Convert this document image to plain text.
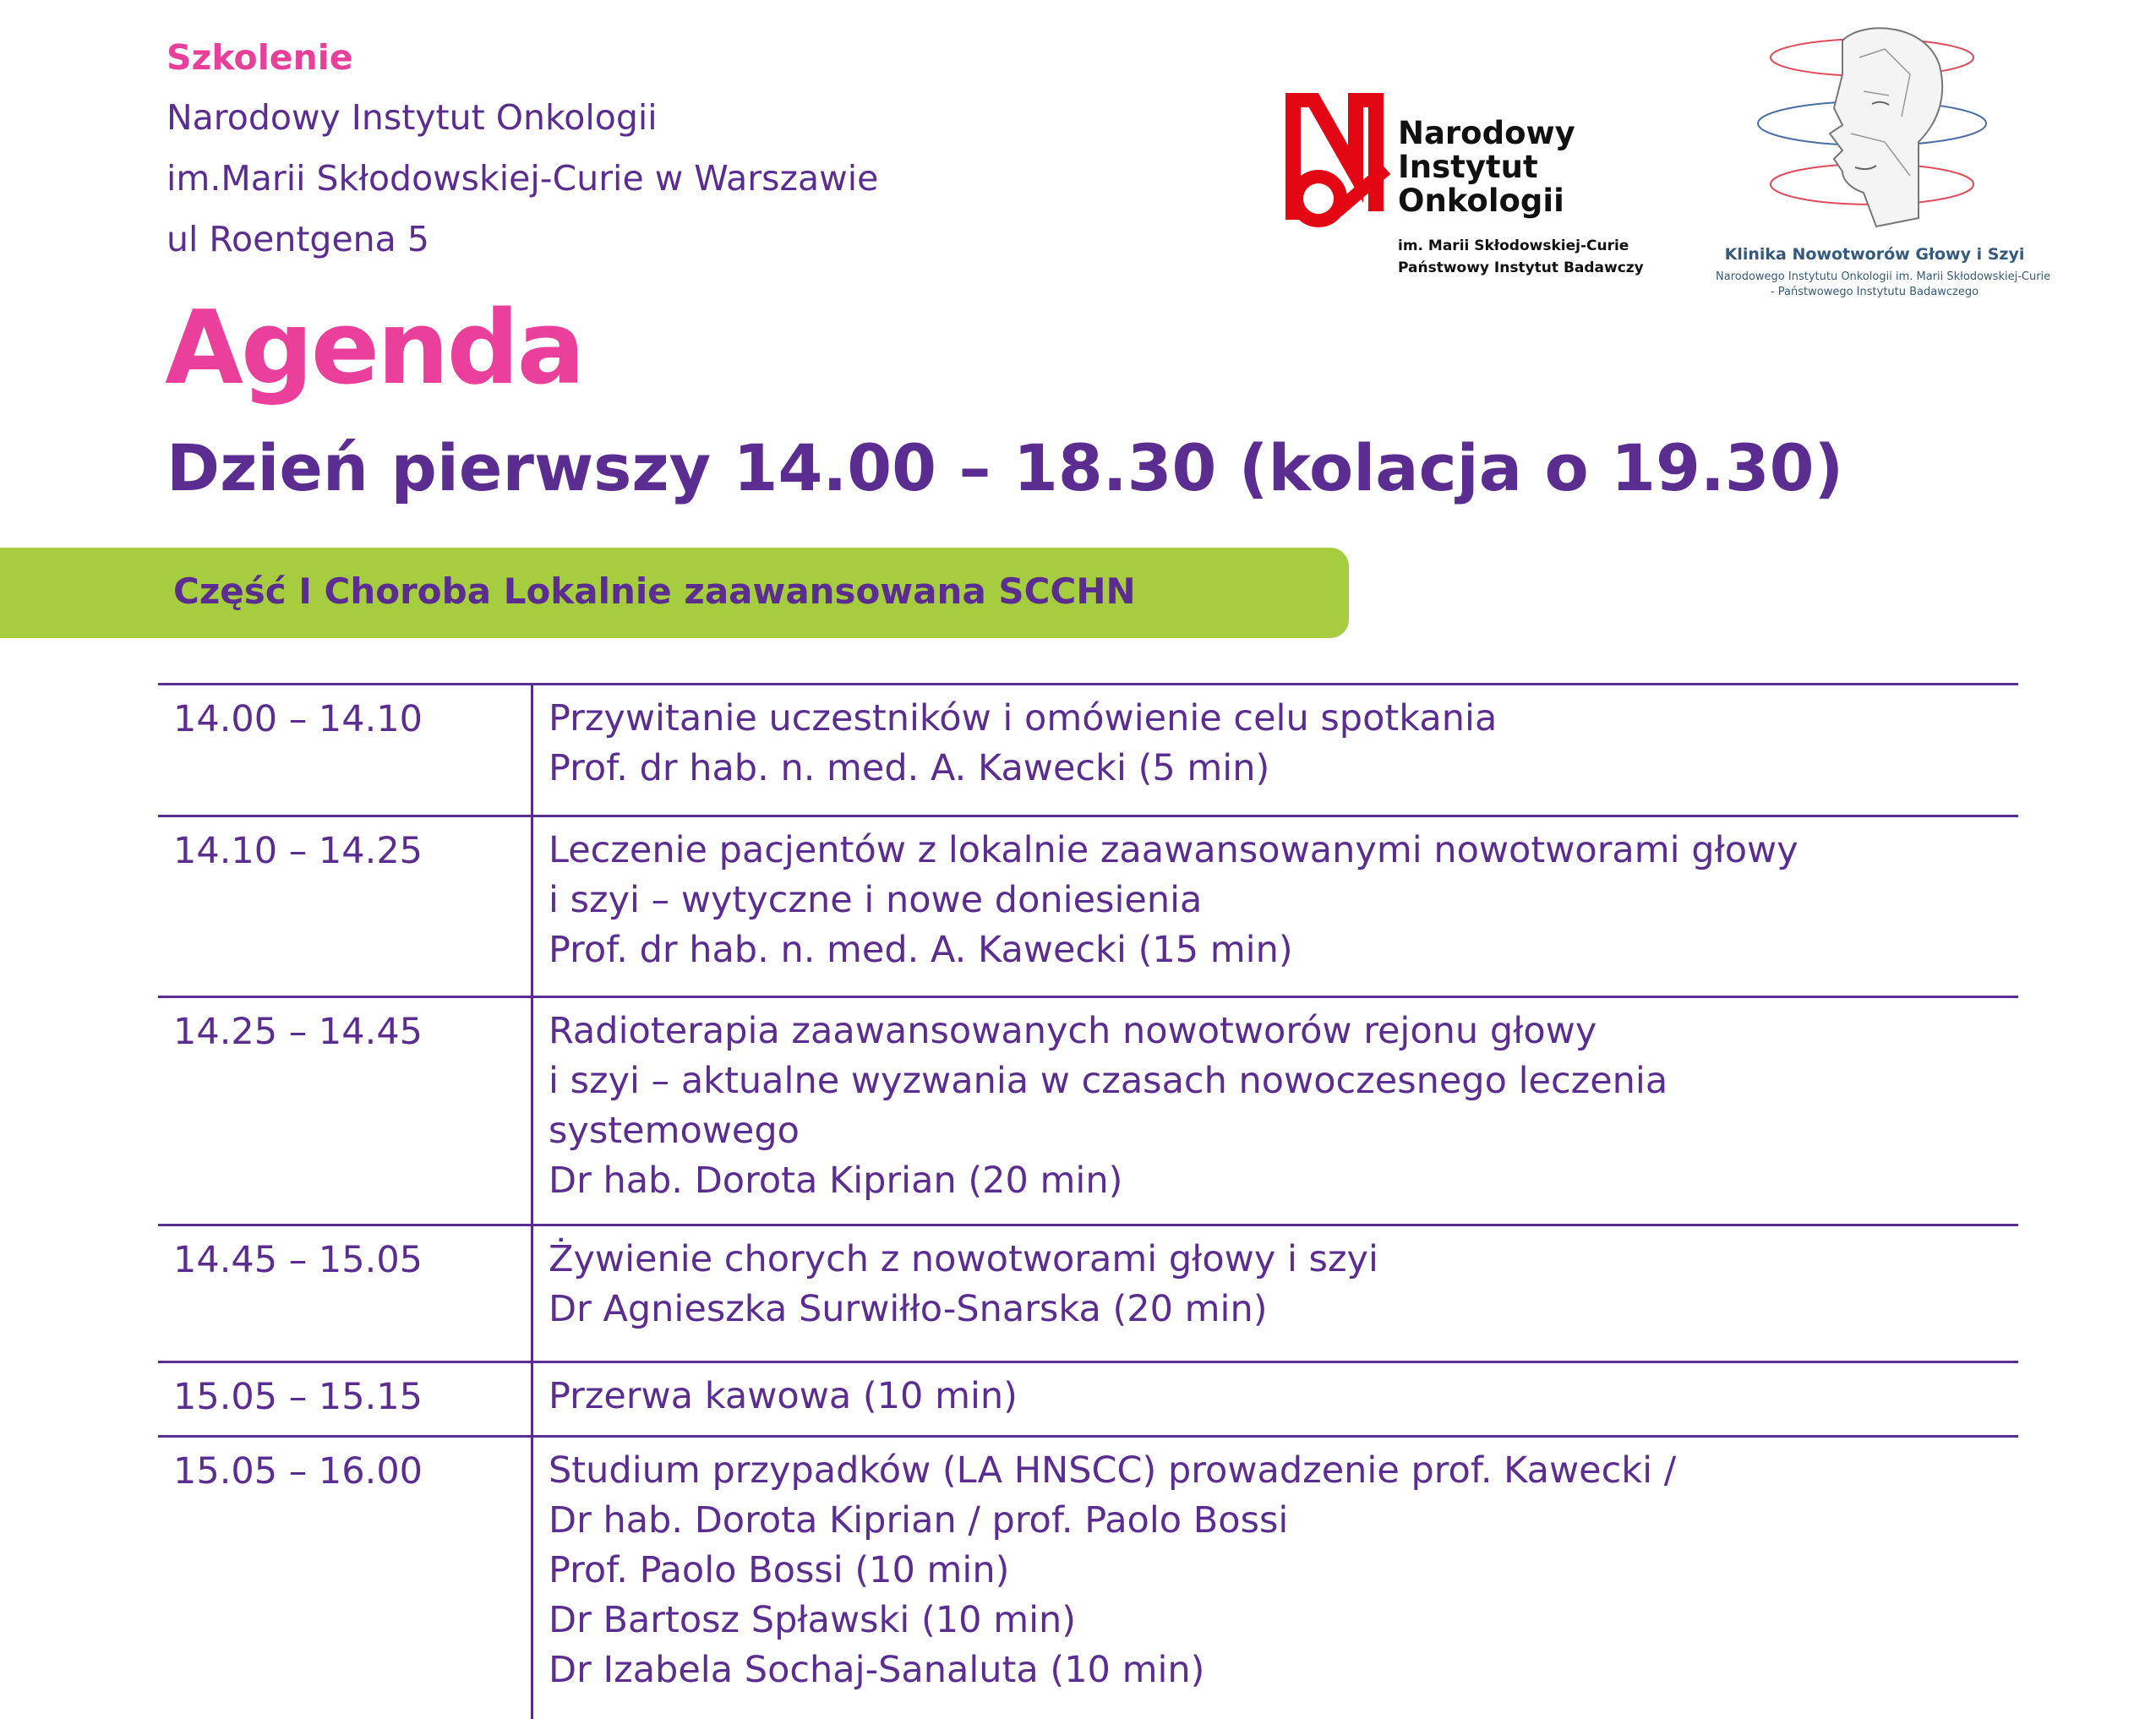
Szkolenie
Narodowy Instytut Onkologii
im.Marii Skłodowskiej-Curie w Warszawie
ul Roentgena 5
Narodowy
Instytut
Onkologii
im. Marii Skłodowskiej-Curie
Państwowy Instytut Badawczy
Klinika Nowotworów Głowy i Szyi
Narodowego Instytutu Onkologii im. Marii Skłodowskiej-Curie
- Państwowego Instytutu Badawczego
Agenda
Dzień pierwszy 14.00 – 18.30 (kolacja o 19.30)
Część I Choroba Lokalnie zaawansowana SCCHN
14.00 – 14.10	Przywitanie uczestników i omówienie celu spotkania
Prof. dr hab. n. med. A. Kawecki (5 min)
14.10 – 14.25	Leczenie pacjentów z lokalnie zaawansowanymi nowotworami głowy
i szyi – wytyczne i nowe doniesienia
Prof. dr hab. n. med. A. Kawecki (15 min)
14.25 – 14.45	Radioterapia zaawansowanych nowotworów rejonu głowy
i szyi – aktualne wyzwania w czasach nowoczesnego leczenia
systemowego
Dr hab. Dorota Kiprian (20 min)
14.45 – 15.05	Żywienie chorych z nowotworami głowy i szyi
Dr Agnieszka Surwiłło-Snarska (20 min)
15.05 – 15.15	Przerwa kawowa (10 min)
15.05 – 16.00	Studium przypadków (LA HNSCC) prowadzenie prof. Kawecki /
Dr hab. Dorota Kiprian / prof. Paolo Bossi
Prof. Paolo Bossi (10 min)
Dr Bartosz Spławski (10 min)
Dr Izabela Sochaj-Sanaluta (10 min)
